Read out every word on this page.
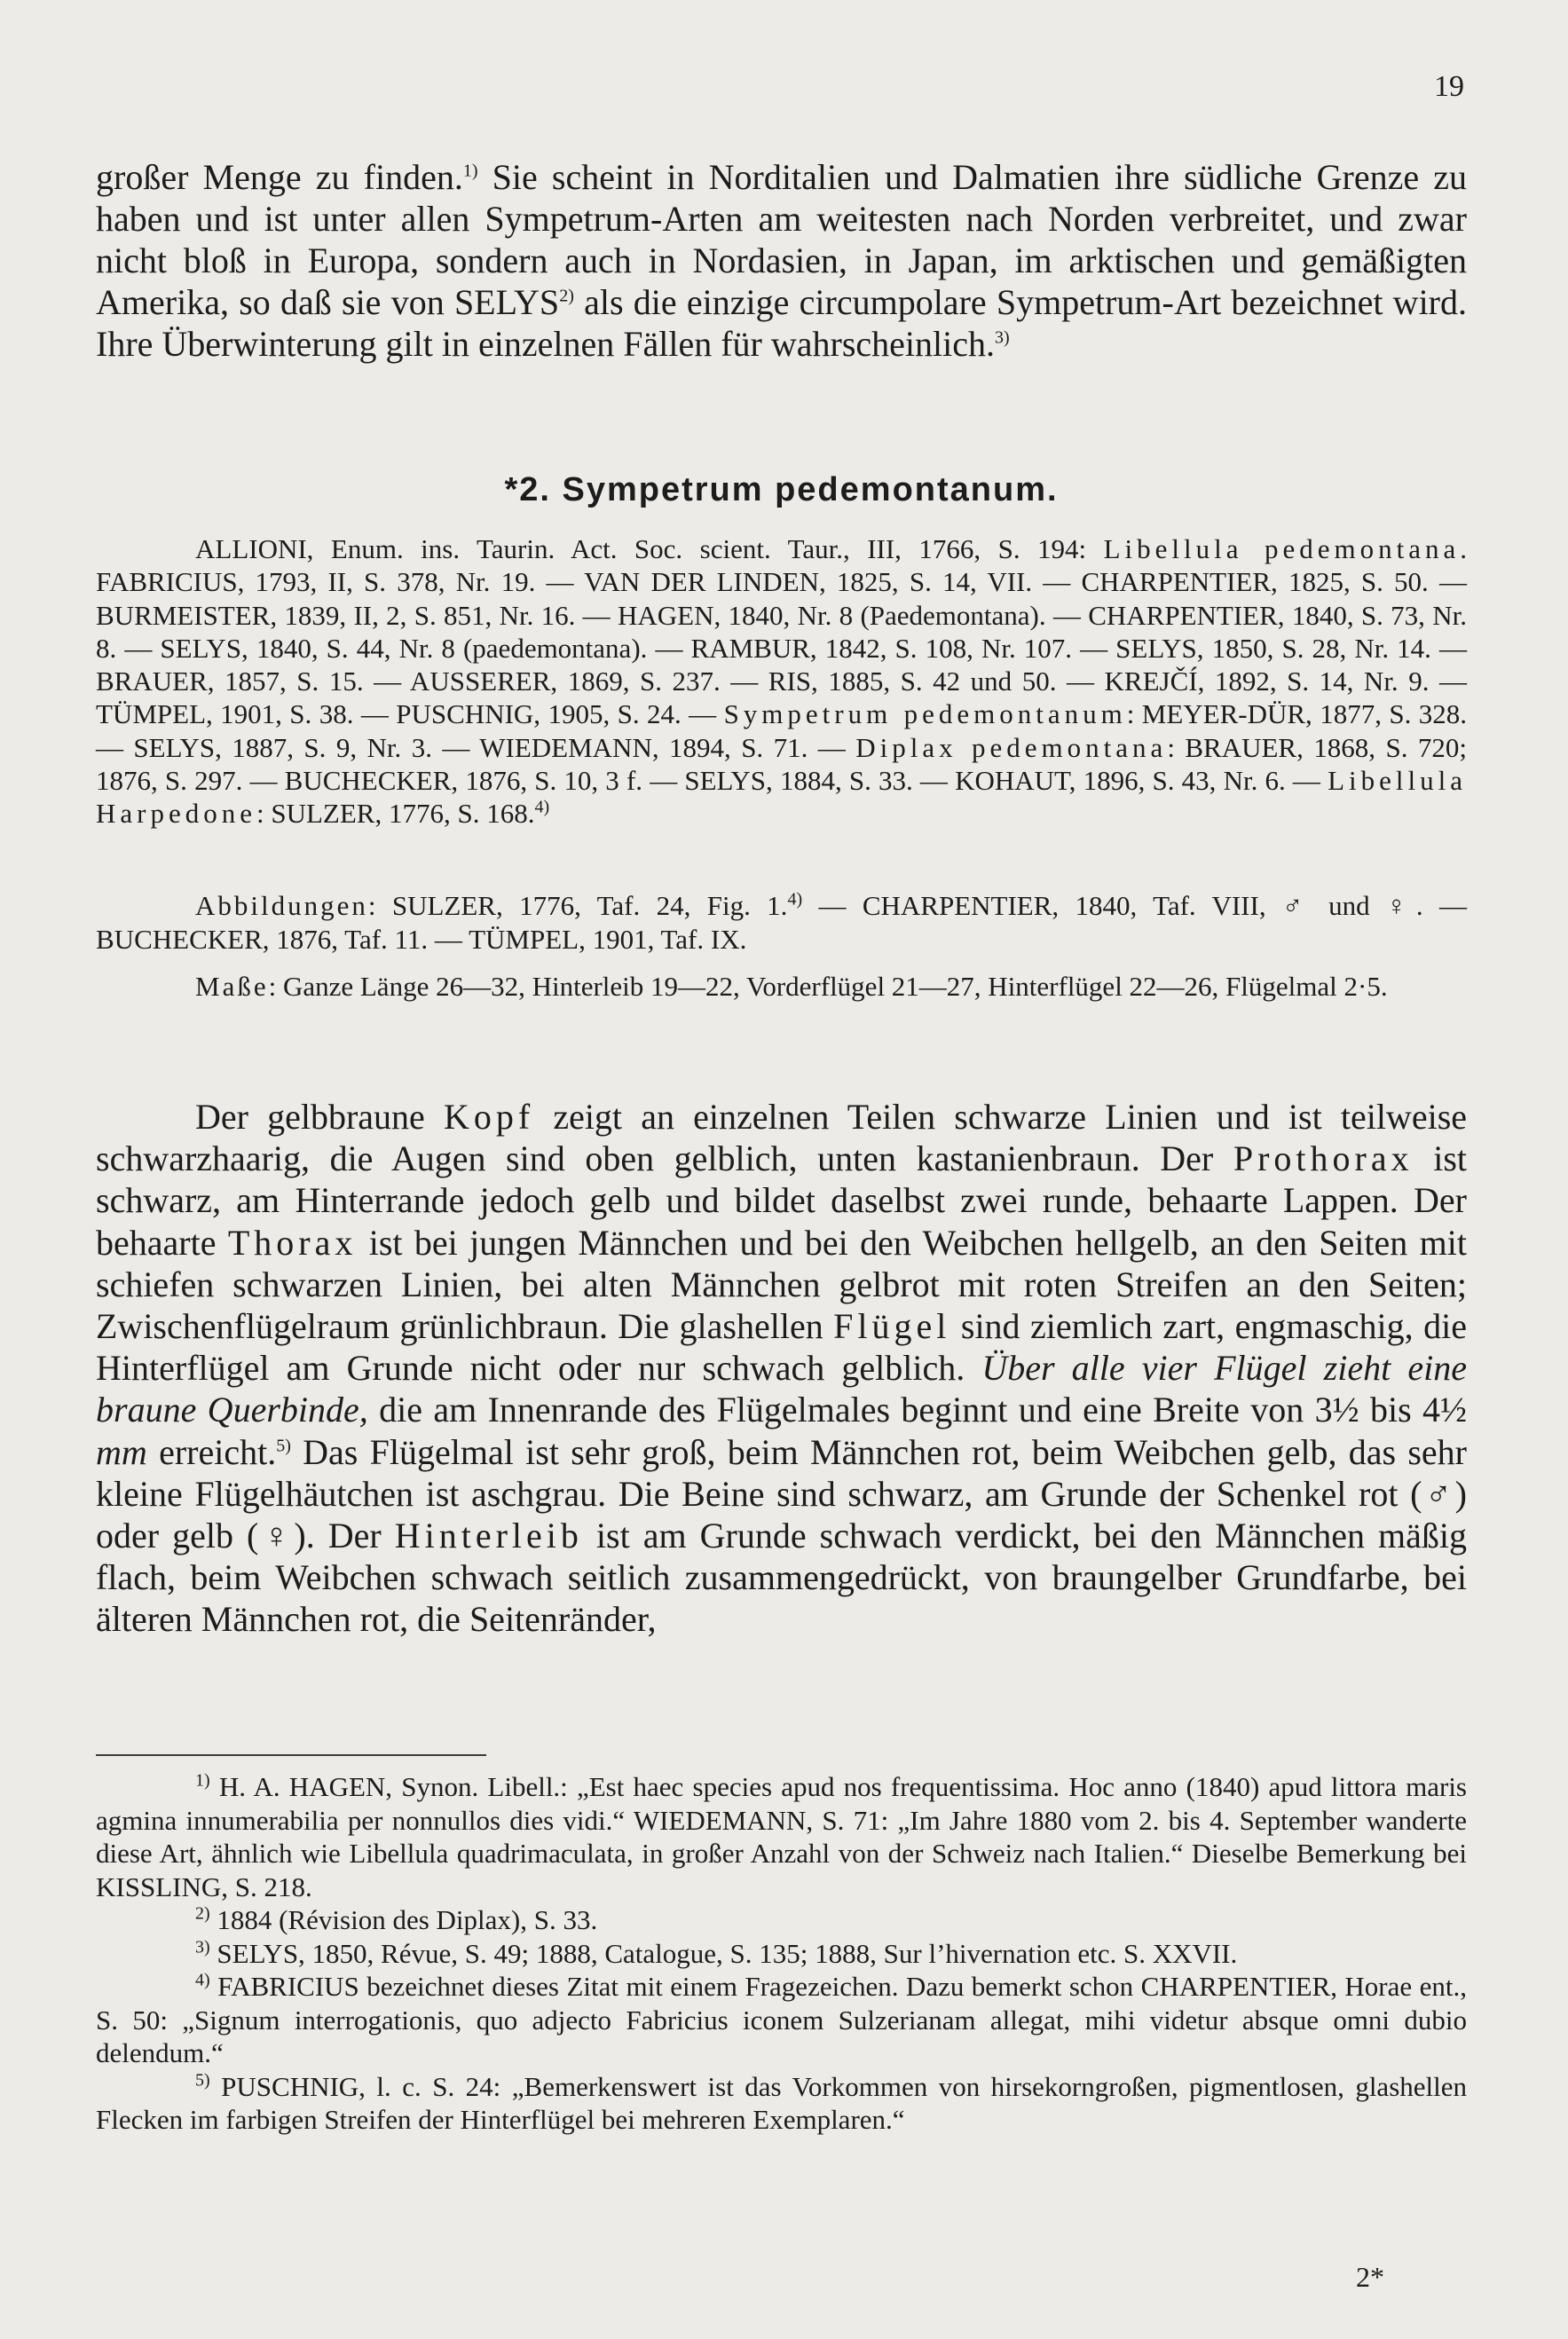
19
großer Menge zu finden.$^{1)}$ Sie scheint in Norditalien und Dalmatien ihre südliche Grenze zu haben und ist unter allen Sympetrum-Arten am weitesten nach Norden verbreitet, und zwar nicht bloß in Europa, sondern auch in Nordasien, in Japan, im arktischen und gemäßigten Amerika, so daß sie von SELYS$^{2)}$ als die einzige circumpolare Sympetrum-Art bezeichnet wird. Ihre Überwinterung gilt in einzelnen Fällen für wahrscheinlich.$^{3)}$
*2. Sympetrum pedemontanum.

ALLIONI, Enum. ins. Taurin. Act. Soc. scient. Taur., III, 1766, S. 194: Libellula pedemontana. FABRICIUS, 1793, II, S. 378, Nr. 19. — VAN DER LINDEN, 1825, S. 14, VII. — CHARPENTIER, 1825, S. 50. — BURMEISTER, 1839, II, 2, S. 851, Nr. 16. — HAGEN, 1840, Nr. 8 (Paedemontana). — CHARPENTIER, 1840, S. 73, Nr. 8. — SELYS, 1840, S. 44, Nr. 8 (paedemontana). — RAMBUR, 1842, S. 108, Nr. 107. — SELYS, 1850, S. 28, Nr. 14. — BRAUER, 1857, S. 15. — AUSSERER, 1869, S. 237. — RIS, 1885, S. 42 und 50. — KREJČÍ, 1892, S. 14, Nr. 9. — TÜMPEL, 1901, S. 38. — PUSCHNIG, 1905, S. 24. — Sympetrum pedemontanum: MEYER-DÜR, 1877, S. 328. — SELYS, 1887, S. 9, Nr. 3. — WIEDEMANN, 1894, S. 71. — Diplax pedemontana: BRAUER, 1868, S. 720; 1876, S. 297. — BUCHECKER, 1876, S. 10, 3 f. — SELYS, 1884, S. 33. — KOHAUT, 1896, S. 43, Nr. 6. — Libellula Harpedone: SULZER, 1776, S. 168.$^{4)}$

Abbildungen: SULZER, 1776, Taf. 24, Fig. 1.$^{4)}$ — CHARPENTIER, 1840, Taf. VIII, ♂ und ♀. — BUCHECKER, 1876, Taf. 11. — TÜMPEL, 1901, Taf. IX.

Maße: Ganze Länge 26—32, Hinterleib 19—22, Vorderflügel 21—27, Hinterflügel 22—26, Flügelmal 2·5.

Der gelbbraune Kopf zeigt an einzelnen Teilen schwarze Linien und ist teilweise schwarzhaarig, die Augen sind oben gelblich, unten kastanienbraun. Der Prothorax ist schwarz, am Hinterrande jedoch gelb und bildet daselbst zwei runde, behaarte Lappen. Der behaarte Thorax ist bei jungen Männchen und bei den Weibchen hellgelb, an den Seiten mit schiefen schwarzen Linien, bei alten Männchen gelbrot mit roten Streifen an den Seiten; Zwischenflügelraum grünlichbraun. Die glashellen Flügel sind ziemlich zart, engmaschig, die Hinterflügel am Grunde nicht oder nur schwach gelblich. Über alle vier Flügel zieht eine braune Querbinde, die am Innenrande des Flügelmales beginnt und eine Breite von 3½ bis 4½ mm erreicht.$^{5)}$ Das Flügelmal ist sehr groß, beim Männchen rot, beim Weibchen gelb, das sehr kleine Flügelhäutchen ist aschgrau. Die Beine sind schwarz, am Grunde der Schenkel rot (♂) oder gelb (♀). Der Hinterleib ist am Grunde schwach verdickt, bei den Männchen mäßig flach, beim Weibchen schwach seitlich zusammengedrückt, von braungelber Grundfarbe, bei älteren Männchen rot, die Seitenränder,

$^{1)}$ H. A. HAGEN, Synon. Libell.: „Est haec species apud nos frequentissima. Hoc anno (1840) apud littora maris agmina innumerabilia per nonnullos dies vidi.“ WIEDEMANN, S. 71: „Im Jahre 1880 vom 2. bis 4. September wanderte diese Art, ähnlich wie Libellula quadrimaculata, in großer Anzahl von der Schweiz nach Italien.“ Dieselbe Bemerkung bei KISSLING, S. 218.

$^{2)}$ 1884 (Révision des Diplax), S. 33.

$^{3)}$ SELYS, 1850, Révue, S. 49; 1888, Catalogue, S. 135; 1888, Sur l’hivernation etc. S. XXVII.

$^{4)}$ FABRICIUS bezeichnet dieses Zitat mit einem Fragezeichen. Dazu bemerkt schon CHARPENTIER, Horae ent., S. 50: „Signum interrogationis, quo adjecto Fabricius iconem Sulzerianam allegat, mihi videtur absque omni dubio delendum.“

$^{5)}$ PUSCHNIG, l. c. S. 24: „Bemerkenswert ist das Vorkommen von hirsekorngroßen, pigmentlosen, glashellen Flecken im farbigen Streifen der Hinterflügel bei mehreren Exemplaren.“

2*
